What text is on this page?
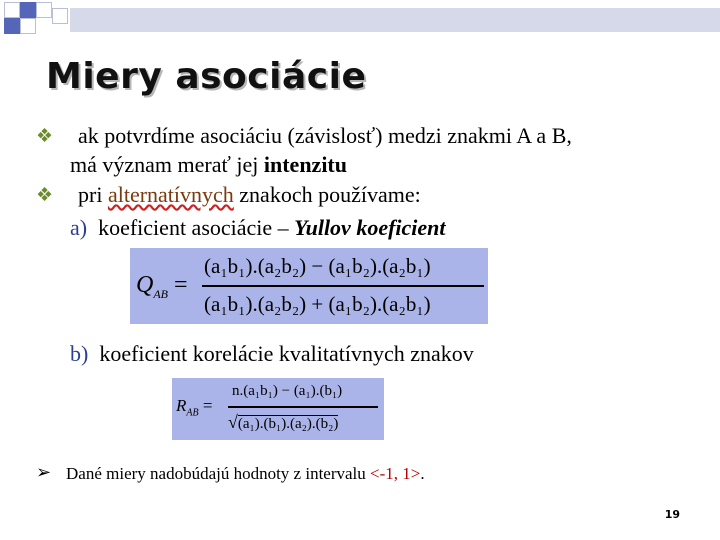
Miery asociácie
❖ ak potvrdíme asociáciu (závislosť) medzi znakmi A a B,
má význam merať jej intenzitu
❖ pri alternatívnych znakoch používame:
a) koeficient asociácie – Yullov koeficient
$Q_{AB}$ =
(a₁b₁).(a₂b₂) − (a₁b₂).(a₂b₁)
(a₁b₁).(a₂b₂) + (a₁b₂).(a₂b₁)
b) koeficient korelácie kvalitatívnych znakov
$R_{AB}$ =
n.(a₁b₁) − (a₁).(b₁)
√(a₁).(b₁).(a₂).(b₂)
➢ Dané miery nadobúdajú hodnoty z intervalu <-1, 1>.
19
